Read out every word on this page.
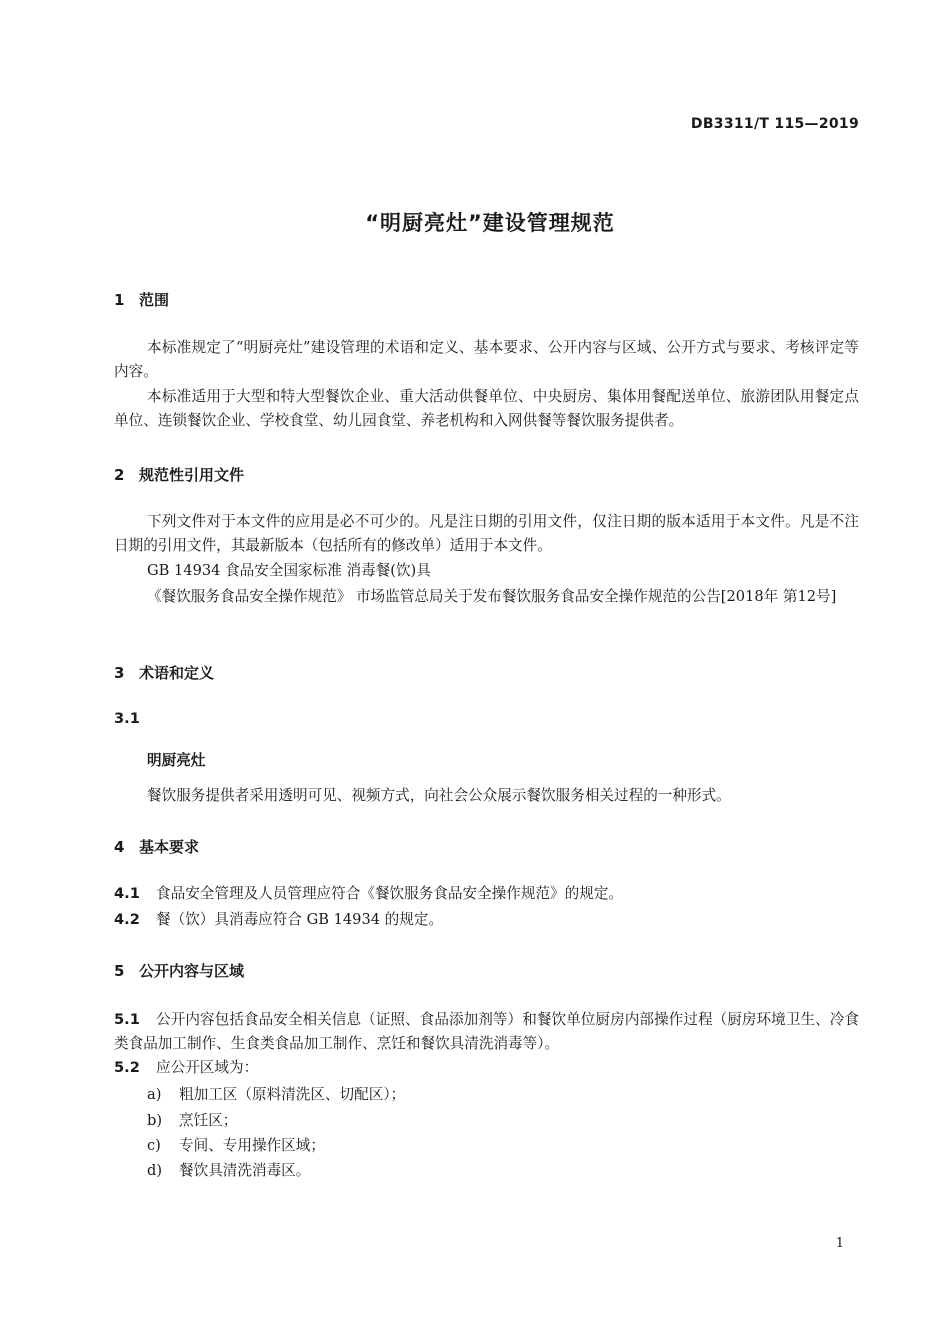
DB3311/T 115—2019
“明厨亮灶”建设管理规范
1 范围
本标准规定了“明厨亮灶”建设管理的术语和定义、基本要求、公开内容与区域、公开方式与要求、考核评定等内容。
本标准适用于大型和特大型餐饮企业、重大活动供餐单位、中央厨房、集体用餐配送单位、旅游团队用餐定点单位、连锁餐饮企业、学校食堂、幼儿园食堂、养老机构和入网供餐等餐饮服务提供者。
2 规范性引用文件
下列文件对于本文件的应用是必不可少的。凡是注日期的引用文件，仅注日期的版本适用于本文件。凡是不注日期的引用文件，其最新版本（包括所有的修改单）适用于本文件。
GB 14934 食品安全国家标准 消毒餐(饮)具
《餐饮服务食品安全操作规范》 市场监管总局关于发布餐饮服务食品安全操作规范的公告[2018年 第12号]
3 术语和定义
3.1
明厨亮灶
餐饮服务提供者采用透明可见、视频方式，向社会公众展示餐饮服务相关过程的一种形式。
4 基本要求
4.1 食品安全管理及人员管理应符合《餐饮服务食品安全操作规范》的规定。
4.2 餐（饮）具消毒应符合 GB 14934 的规定。
5 公开内容与区域
5.1 公开内容包括食品安全相关信息（证照、食品添加剂等）和餐饮单位厨房内部操作过程（厨房环境卫生、冷食类食品加工制作、生食类食品加工制作、烹饪和餐饮具清洗消毒等）。
5.2 应公开区域为：
a) 粗加工区（原料清洗区、切配区）；
b) 烹饪区；
c) 专间、专用操作区域；
d) 餐饮具清洗消毒区。
1
